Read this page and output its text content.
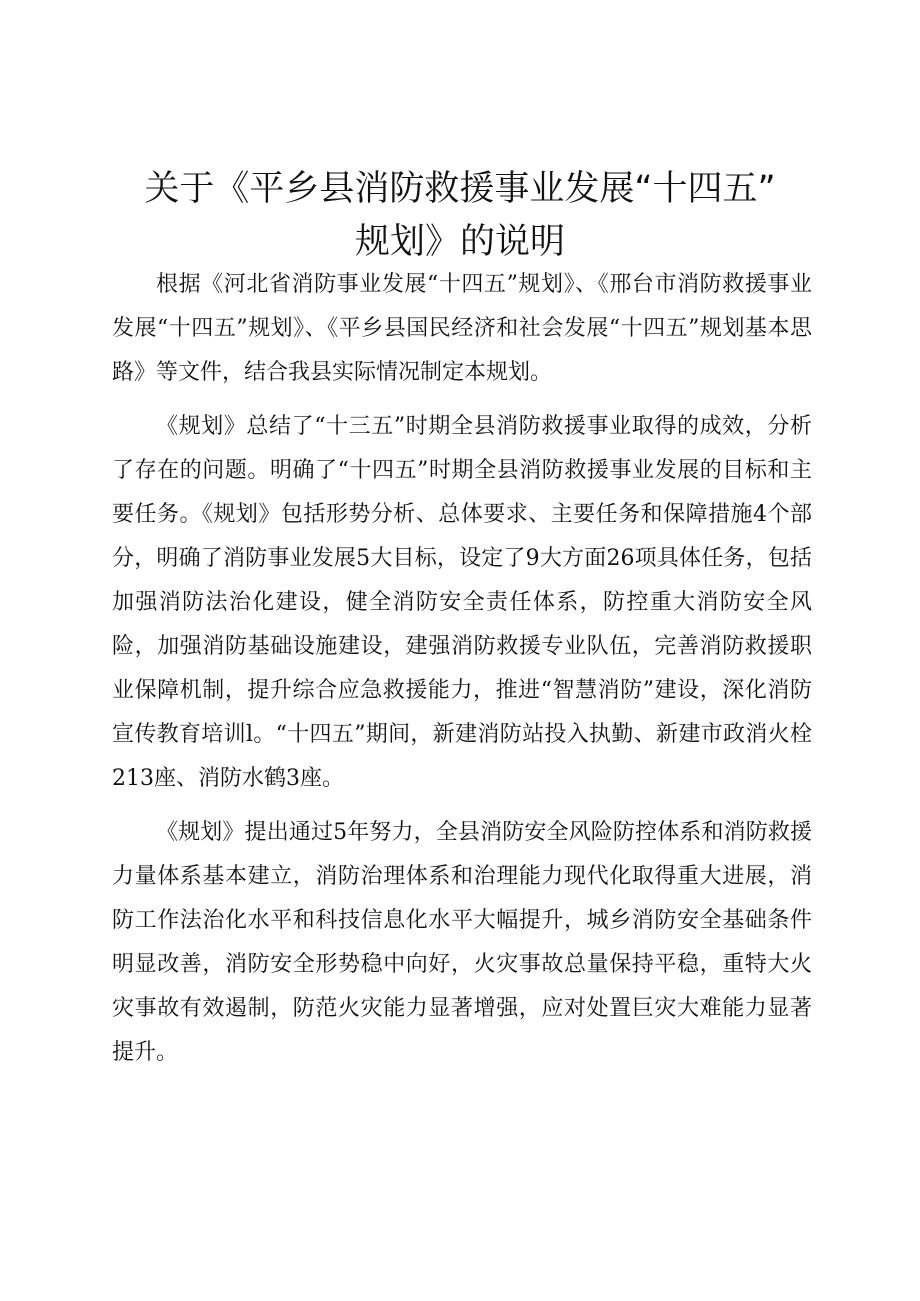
关于《平乡县消防救援事业发展“十四五”
规划》的说明

根据《河北省消防事业发展“十四五”规划》、《邢台市消防救援事业发展“十四五”规划》、《平乡县国民经济和社会发展“十四五”规划基本思路》等文件，结合我县实际情况制定本规划。

《规划》总结了“十三五”时期全县消防救援事业取得的成效，分析了存在的问题。明确了“十四五”时期全县消防救援事业发展的目标和主要任务。《规划》包括形势分析、总体要求、主要任务和保障措施4个部分，明确了消防事业发展5大目标，设定了9大方面26项具体任务，包括加强消防法治化建设，健全消防安全责任体系，防控重大消防安全风险，加强消防基础设施建设，建强消防救援专业队伍，完善消防救援职业保障机制，提升综合应急救援能力，推进“智慧消防”建设，深化消防宣传教育培训l。“十四五”期间，新建消防站投入执勤、新建市政消火栓213座、消防水鹤3座。

《规划》提出通过5年努力，全县消防安全风险防控体系和消防救援力量体系基本建立，消防治理体系和治理能力现代化取得重大进展，消防工作法治化水平和科技信息化水平大幅提升，城乡消防安全基础条件明显改善，消防安全形势稳中向好，火灾事故总量保持平稳，重特大火灾事故有效遏制，防范火灾能力显著增强，应对处置巨灾大难能力显著提升。
